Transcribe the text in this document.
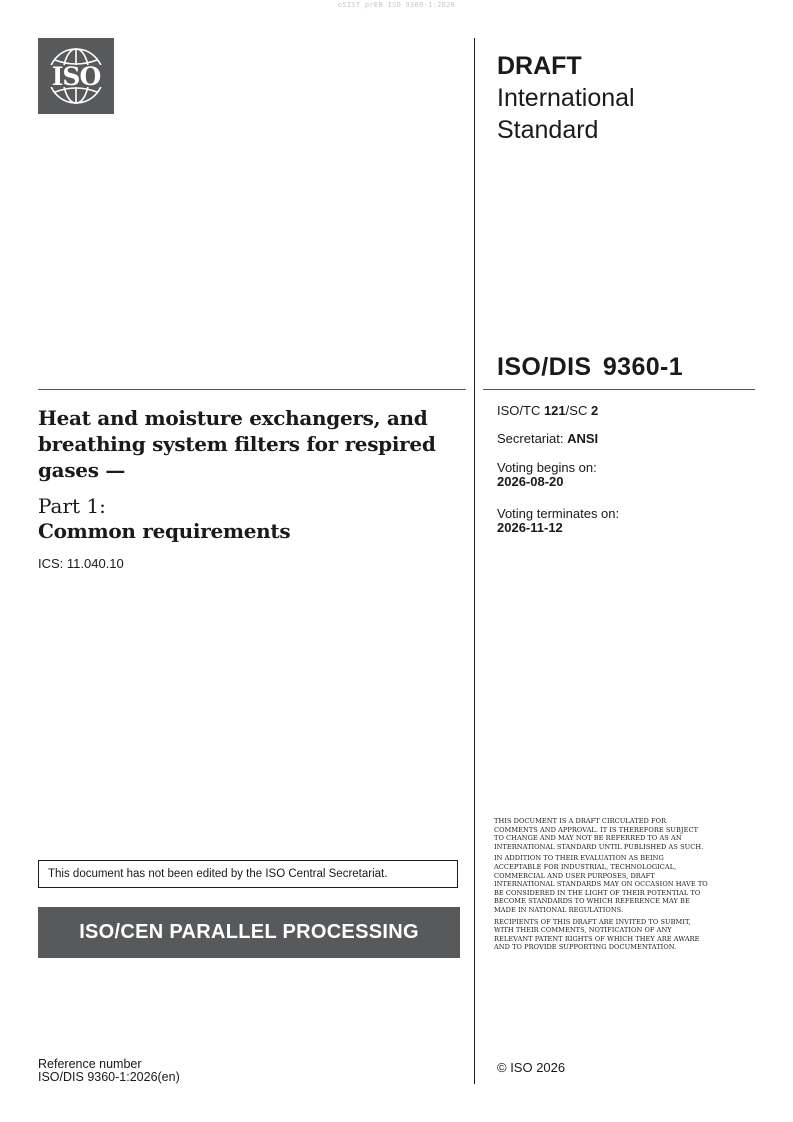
oSIST prEN ISO 9360-1:2026
ISO	DRAFT
International
Standard
ISO/DIS 9360-1
ISO/TC 121/SC 2
Secretariat: ANSI
Voting begins on:
2026-08-20
Voting terminates on:
2026-11-12
Heat and moisture exchangers, and breathing system filters for respired gases —
Part 1:
Common requirements
ICS: 11.040.10
This document has not been edited by the ISO Central Secretariat.
ISO/CEN PARALLEL PROCESSING
Reference number
ISO/DIS 9360-1:2026(en)

THIS DOCUMENT IS A DRAFT CIRCULATED FOR COMMENTS AND APPROVAL. IT IS THEREFORE SUBJECT TO CHANGE AND MAY NOT BE REFERRED TO AS AN INTERNATIONAL STANDARD UNTIL PUBLISHED AS SUCH.

IN ADDITION TO THEIR EVALUATION AS BEING ACCEPTABLE FOR INDUSTRIAL, TECHNOLOGICAL, COMMERCIAL AND USER PURPOSES, DRAFT INTERNATIONAL STANDARDS MAY ON OCCASION HAVE TO BE CONSIDERED IN THE LIGHT OF THEIR POTENTIAL TO BECOME STANDARDS TO WHICH REFERENCE MAY BE MADE IN NATIONAL REGULATIONS.

RECIPIENTS OF THIS DRAFT ARE INVITED TO SUBMIT, WITH THEIR COMMENTS, NOTIFICATION OF ANY RELEVANT PATENT RIGHTS OF WHICH THEY ARE AWARE AND TO PROVIDE SUPPORTING DOCUMENTATION.

© ISO 2026
